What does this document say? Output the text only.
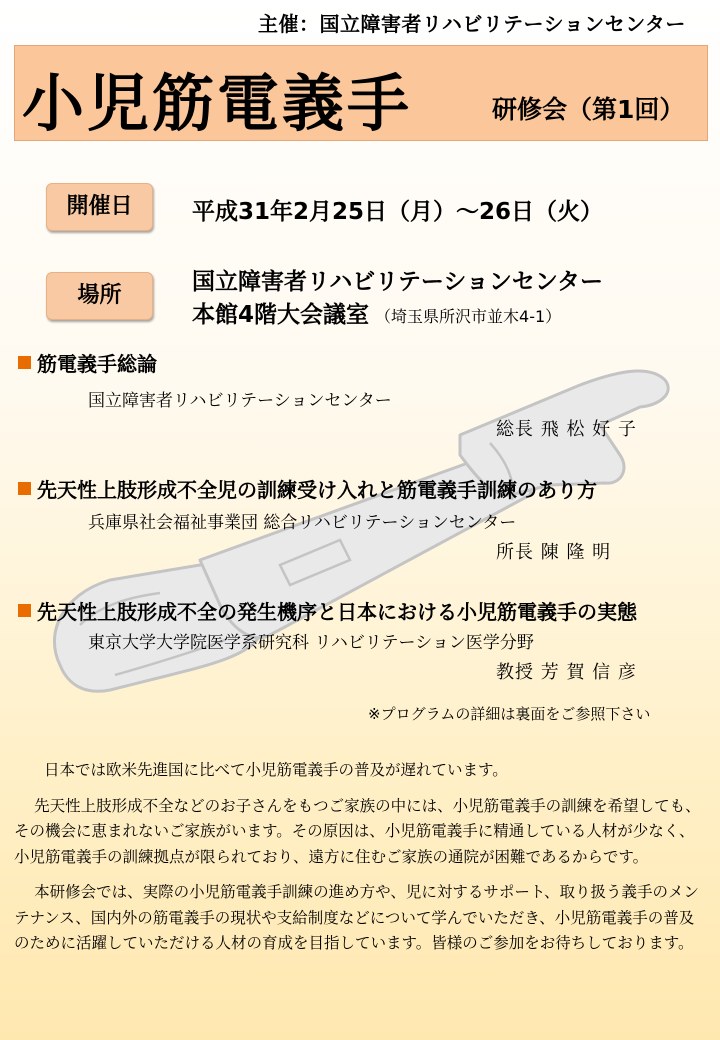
主催：国立障害者リハビリテーションセンター
小児筋電義手	研修会（第1回）
開催日	平成31年2月25日（月）～26日（火）
場所
国立障害者リハビリテーションセンター
本館4階大会議室 （埼玉県所沢市並木4-1）
筋電義手総論
国立障害者リハビリテーションセンター
総長 飛 松 好 子
先天性上肢形成不全児の訓練受け入れと筋電義手訓練のあり方
兵庫県社会福祉事業団 総合リハビリテーションセンター
所長 陳 隆 明
先天性上肢形成不全の発生機序と日本における小児筋電義手の実態
東京大学大学院医学系研究科 リハビリテーション医学分野
教授 芳 賀 信 彦
※プログラムの詳細は裏面をご参照下さい

日本では欧米先進国に比べて小児筋電義手の普及が遅れています。

先天性上肢形成不全などのお子さんをもつご家族の中には、小児筋電義手の訓練を希望しても、その機会に恵まれないご家族がいます。その原因は、小児筋電義手に精通している人材が少なく、小児筋電義手の訓練拠点が限られており、遠方に住むご家族の通院が困難であるからです。

本研修会では、実際の小児筋電義手訓練の進め方や、児に対するサポート、取り扱う義手のメンテナンス、国内外の筋電義手の現状や支給制度などについて学んでいただき、小児筋電義手の普及のために活躍していただける人材の育成を目指しています。皆様のご参加をお待ちしております。
